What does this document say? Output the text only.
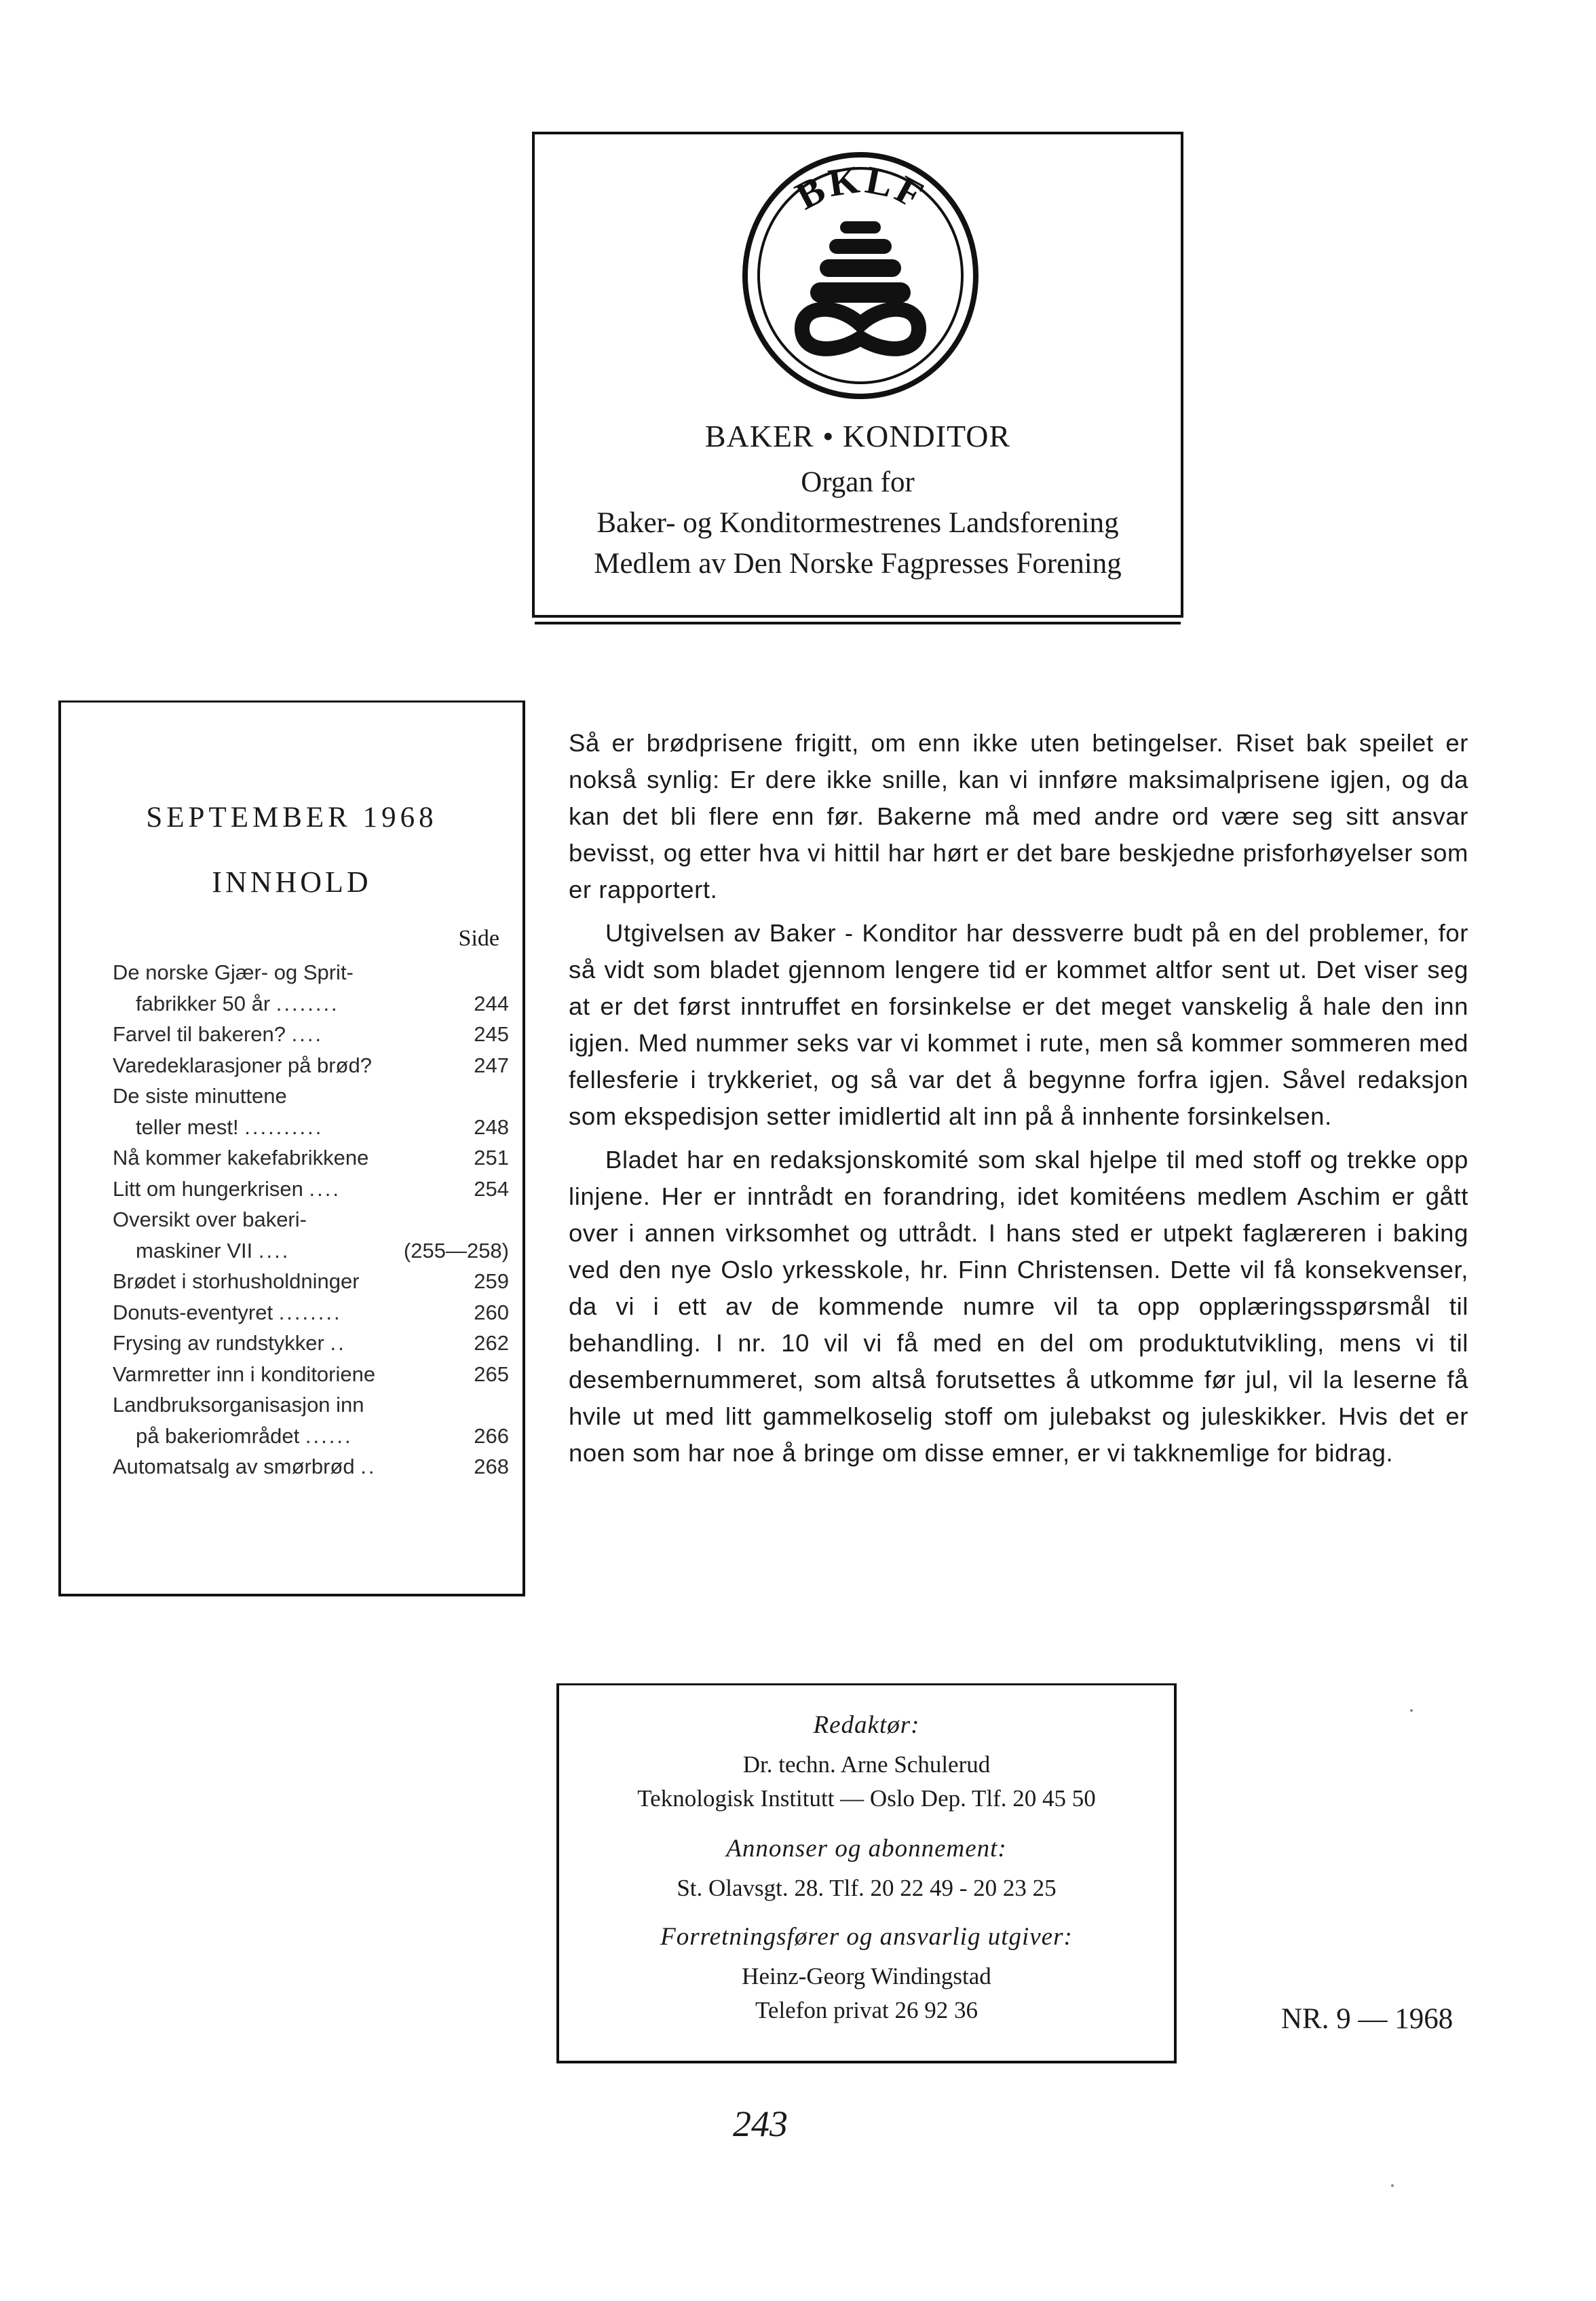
BKLF
BAKER • KONDITOR
Organ for
Baker- og Konditormestrenes Landsforening
Medlem av Den Norske Fagpresses Forening
SEPTEMBER 1968
INNHOLD
Side
De norske Gjær- og Sprit-
fabrikker 50 år ........	244
Farvel til bakeren? ....	245
Varedeklarasjoner på brød?	247
De siste minuttene
teller mest! ..........	248
Nå kommer kakefabrikkene	251
Litt om hungerkrisen ....	254
Oversikt over bakeri-
maskiner VII ....	(255—258)
Brødet i storhusholdninger	259
Donuts-eventyret ........	260
Frysing av rundstykker ..	262
Varmretter inn i konditoriene	265
Landbruksorganisasjon inn
på bakeriområdet ......	266
Automatsalg av smørbrød ..	268

Så er brødprisene frigitt, om enn ikke uten betingelser. Riset bak speilet er nokså synlig: Er dere ikke snille, kan vi innføre maksimalprisene igjen, og da kan det bli flere enn før. Bakerne må med andre ord være seg sitt ansvar bevisst, og etter hva vi hittil har hørt er det bare beskjedne prisforhøyelser som er rapportert.

Utgivelsen av Baker - Konditor har dessverre budt på en del problemer, for så vidt som bladet gjennom lengere tid er kommet altfor sent ut. Det viser seg at er det først inntruffet en forsinkelse er det meget vanskelig å hale den inn igjen. Med nummer seks var vi kommet i rute, men så kommer sommeren med fellesferie i trykkeriet, og så var det å begynne forfra igjen. Såvel redaksjon som ekspedisjon setter imidlertid alt inn på å innhente forsinkelsen.

Bladet har en redaksjonskomité som skal hjelpe til med stoff og trekke opp linjene. Her er inntrådt en forandring, idet komitéens medlem Aschim er gått over i annen virksomhet og uttrådt. I hans sted er utpekt faglæreren i baking ved den nye Oslo yrkesskole, hr. Finn Christensen. Dette vil få konsekvenser, da vi i ett av de kommende numre vil ta opp opplæringsspørsmål til behandling. I nr. 10 vil vi få med en del om produktutvikling, mens vi til desembernummeret, som altså forutsettes å utkomme før jul, vil la leserne få hvile ut med litt gammelkoselig stoff om julebakst og juleskikker. Hvis det er noen som har noe å bringe om disse emner, er vi takknemlige for bidrag.

Redaktør:
Dr. techn. Arne Schulerud
Teknologisk Institutt — Oslo Dep. Tlf. 20 45 50
Annonser og abonnement:
St. Olavsgt. 28. Tlf. 20 22 49 - 20 23 25
Forretningsfører og ansvarlig utgiver:
Heinz-Georg Windingstad
Telefon privat 26 92 36	NR. 9 — 1968
243
